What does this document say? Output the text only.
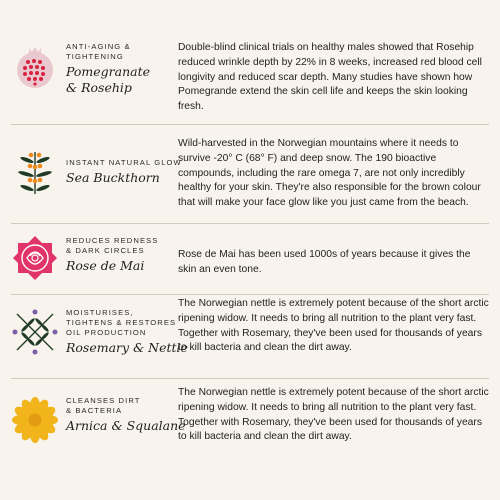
ANTI-AGING &
TIGHTENING
Pomegranate
& Rosehip
Double-blind clinical trials on healthy males showed that Rosehip reduced wrinkle depth by 22% in 8 weeks, increased red blood cell longivity and reduced scar depth. Many studies have shown how Pomegrande extend the skin cell life and keeps the skin looking fresh.
INSTANT NATURAL GLOW
Sea Buckthorn
Wild-harvested in the Norwegian mountains where it needs to survive -20° C (68° F) and deep snow. The 190 bioactive compounds, including the rare omega 7, are not only incredibly healthy for your skin. They're also responsible for the brown colour that will make your face glow like you just came from the beach.
REDUCES REDNESS
& DARK CIRCLES
Rose de Mai
Rose de Mai has been used 1000s of years because it gives the skin an even tone.
MOISTURISES,
TIGHTENS & RESTORES
OIL PRODUCTION
Rosemary & Nettle
The Norwegian nettle is extremely potent because of the short arctic ripening widow. It needs to bring all nutrition to the plant very fast. Together with Rosemary, they've been used for thousands of years to kill bacteria and clean the dirt away.
CLEANSES DIRT
& BACTERIA
Arnica & Squalane
The Norwegian nettle is extremely potent because of the short arctic ripening widow. It needs to bring all nutrition to the plant very fast. Together with Rosemary, they've been used for thousands of years to kill bacteria and clean the dirt away.
